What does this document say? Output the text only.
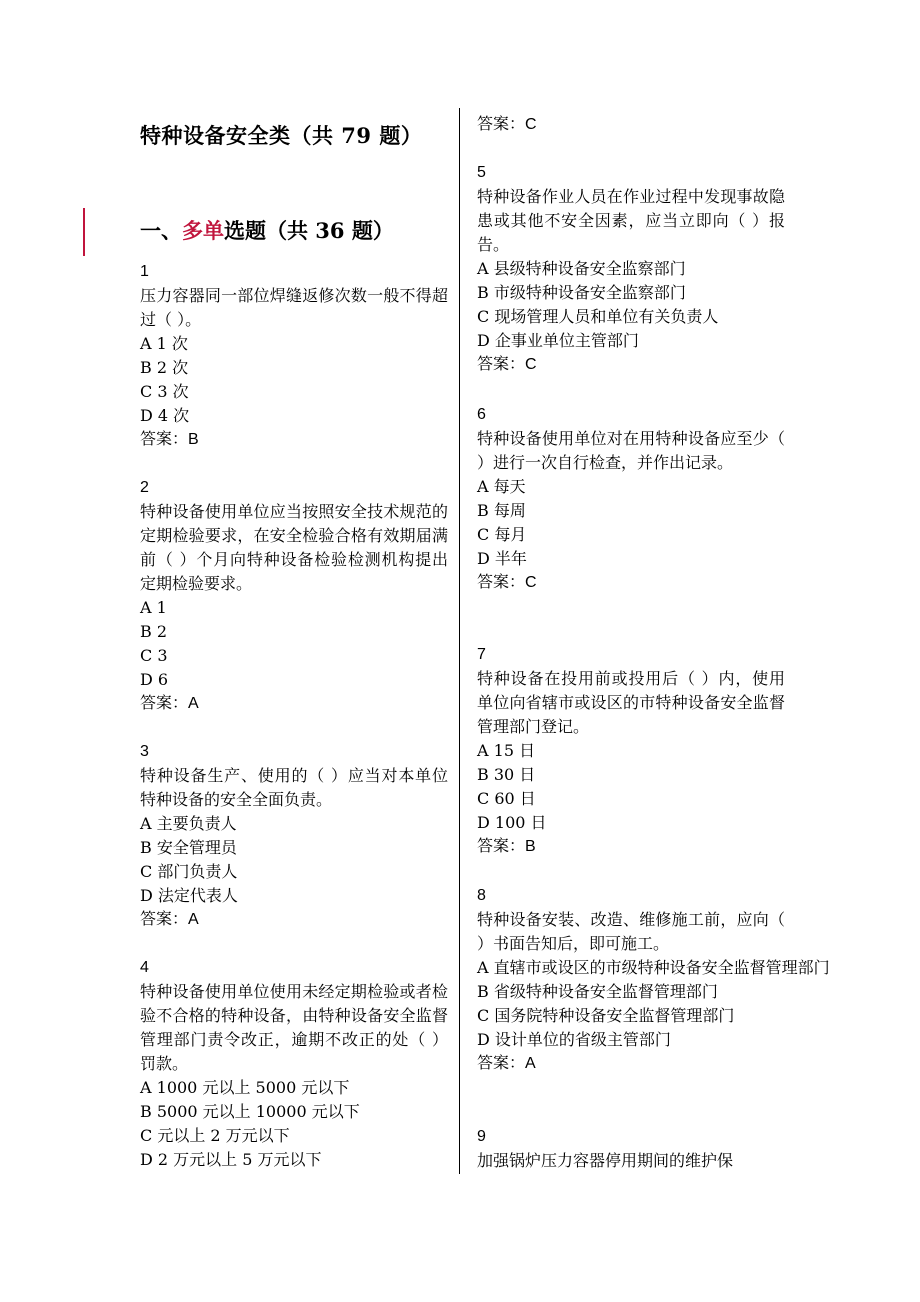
特种设备安全类（共 79 题）
一、多单选题（共 36 题）
1
压力容器同一部位焊缝返修次数一般不得超过（ ）。
A 1 次
B 2 次
C 3 次
D 4 次
答案：B
2
特种设备使用单位应当按照安全技术规范的定期检验要求，在安全检验合格有效期届满前（ ）个月向特种设备检验检测机构提出定期检验要求。
A 1
B 2
C 3
D 6
答案：A
3
特种设备生产、使用的（ ）应当对本单位特种设备的安全全面负责。
A 主要负责人
B 安全管理员
C 部门负责人
D 法定代表人
答案：A
4
特种设备使用单位使用未经定期检验或者检验不合格的特种设备，由特种设备安全监督管理部门责令改正，逾期不改正的处（ ）罚款。
A 1000 元以上 5000 元以下
B 5000 元以上 10000 元以下
C 元以上 2 万元以下
D 2 万元以上 5 万元以下
答案：C
5
特种设备作业人员在作业过程中发现事故隐患或其他不安全因素，应当立即向（ ）报告。
A 县级特种设备安全监察部门
B 市级特种设备安全监察部门
C 现场管理人员和单位有关负责人
D 企事业单位主管部门
答案：C
6
特种设备使用单位对在用特种设备应至少（ ）进行一次自行检查，并作出记录。
A 每天
B 每周
C 每月
D 半年
答案：C
7
特种设备在投用前或投用后（ ）内，使用单位向省辖市或设区的市特种设备安全监督管理部门登记。
A 15 日
B 30 日
C 60 日
D 100 日
答案：B
8
特种设备安装、改造、维修施工前，应向（ ）书面告知后，即可施工。
A 直辖市或设区的市级特种设备安全监督管理部门
B 省级特种设备安全监督管理部门
C 国务院特种设备安全监督管理部门
D 设计单位的省级主管部门
答案：A
9
加强锅炉压力容器停用期间的维护保
